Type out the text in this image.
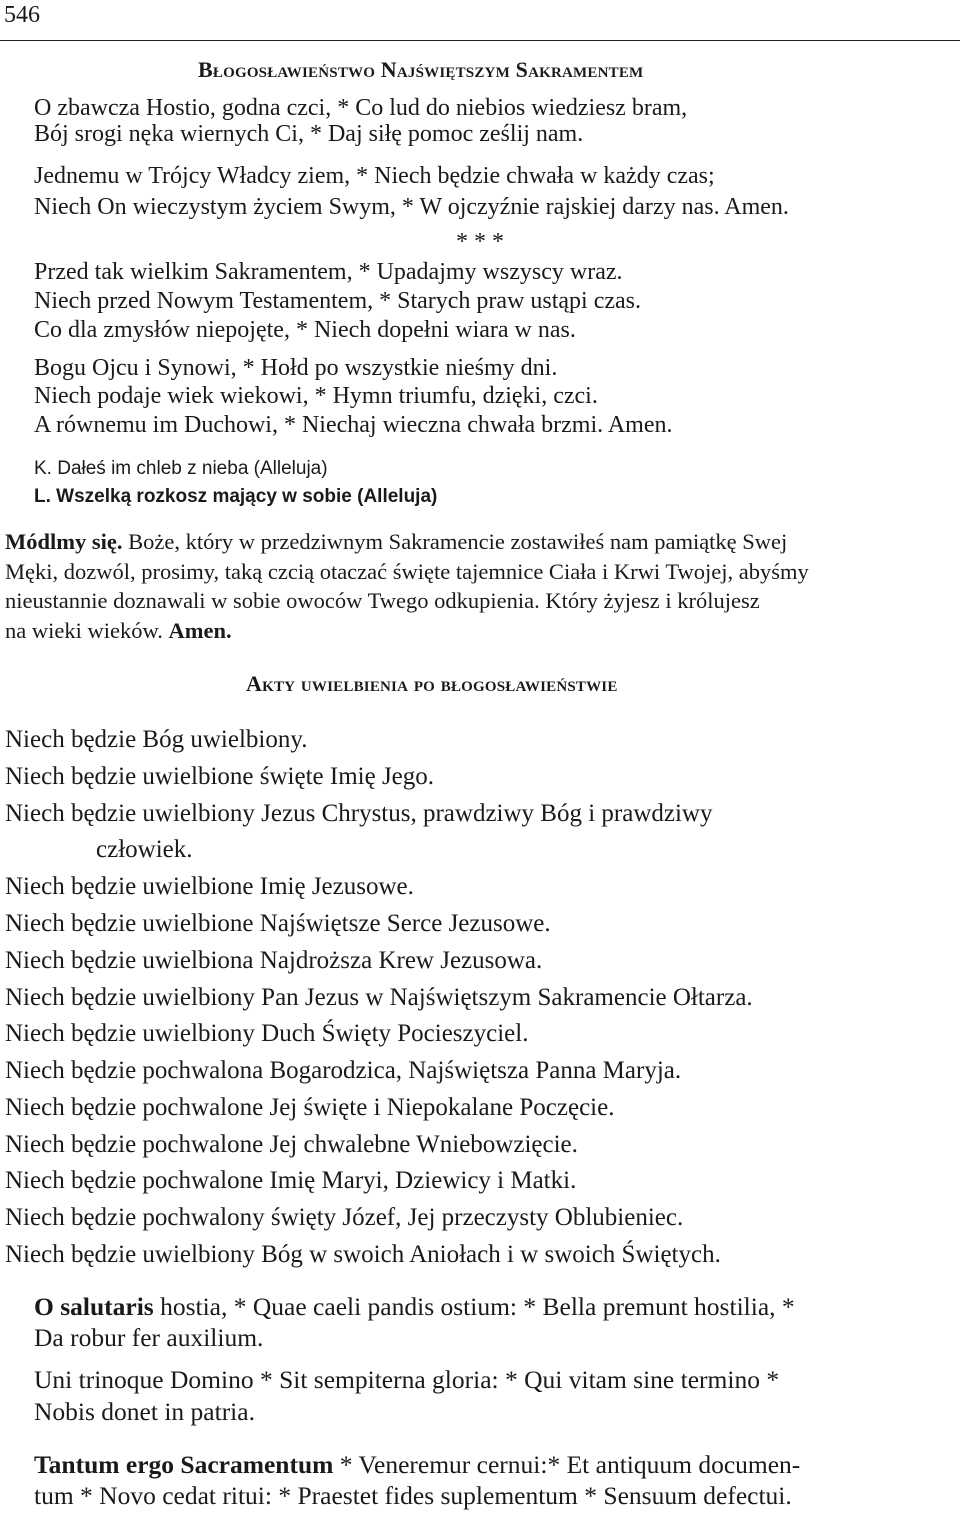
546
Błogosławieństwo Najświętszym Sakramentem
O zbawcza Hostio, godna czci, * Co lud do niebios wiedziesz bram,
Bój srogi nęka wiernych Ci, * Daj siłę pomoc ześlij nam.
Jednemu w Trójcy Władcy ziem, * Niech będzie chwała w każdy czas;
Niech On wieczystym życiem Swym, * W ojczyźnie rajskiej darzy nas. Amen.
* * *
Przed tak wielkim Sakramentem, * Upadajmy wszyscy wraz.
Niech przed Nowym Testamentem, * Starych praw ustąpi czas.
Co dla zmysłów niepojęte, * Niech dopełni wiara w nas.
Bogu Ojcu i Synowi, * Hołd po wszystkie nieśmy dni.
Niech podaje wiek wiekowi, * Hymn triumfu, dzięki, czci.
A równemu im Duchowi, * Niechaj wieczna chwała brzmi. Amen.
K. Dałeś im chleb z nieba (Alleluja)
L. Wszelką rozkosz mający w sobie (Alleluja)
Módlmy się. Boże, który w przedziwnym Sakramencie zostawiłeś nam pamiątkę Swej
Męki, dozwól, prosimy, taką czcią otaczać święte tajemnice Ciała i Krwi Twojej, abyśmy
nieustannie doznawali w sobie owoców Twego odkupienia. Który żyjesz i królujesz
na wieki wieków. Amen.
Akty uwielbienia po błogosławieństwie
Niech będzie Bóg uwielbiony.
Niech będzie uwielbione święte Imię Jego.
Niech będzie uwielbiony Jezus Chrystus, prawdziwy Bóg i prawdziwy
człowiek.
Niech będzie uwielbione Imię Jezusowe.
Niech będzie uwielbione Najświętsze Serce Jezusowe.
Niech będzie uwielbiona Najdroższa Krew Jezusowa.
Niech będzie uwielbiony Pan Jezus w Najświętszym Sakramencie Ołtarza.
Niech będzie uwielbiony Duch Święty Pocieszyciel.
Niech będzie pochwalona Bogarodzica, Najświętsza Panna Maryja.
Niech będzie pochwalone Jej święte i Niepokalane Poczęcie.
Niech będzie pochwalone Jej chwalebne Wniebowzięcie.
Niech będzie pochwalone Imię Maryi, Dziewicy i Matki.
Niech będzie pochwalony święty Józef, Jej przeczysty Oblubieniec.
Niech będzie uwielbiony Bóg w swoich Aniołach i w swoich Świętych.
O salutaris hostia, * Quae caeli pandis ostium: * Bella premunt hostilia, *
Da robur fer auxilium.
Uni trinoque Domino * Sit sempiterna gloria: * Qui vitam sine termino *
Nobis donet in patria.
Tantum ergo Sacramentum * Veneremur cernui:* Et antiquum documen-
tum * Novo cedat ritui: * Praestet fides suplementum * Sensuum defectui.
